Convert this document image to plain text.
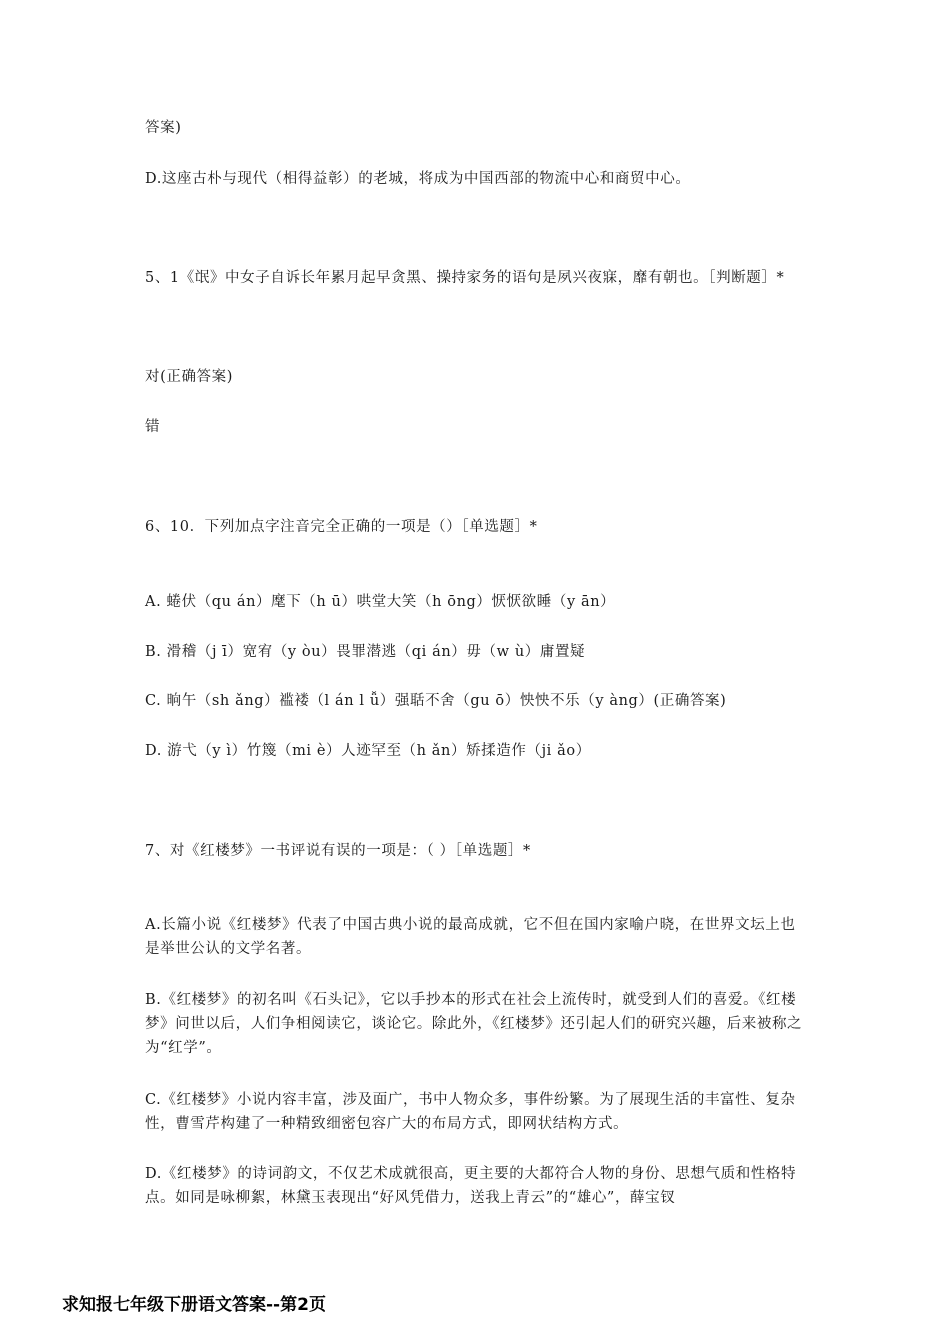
答案)

D.这座古朴与现代（相得益彰）的老城，将成为中国西部的物流中心和商贸中心。

5、1《氓》中女子自诉长年累月起早贪黑、操持家务的语句是夙兴夜寐，靡有朝也。［判断题］*

对(正确答案)

错

6、10．下列加点字注音完全正确的一项是（）［单选题］*

A. 蜷伏（qu án）麾下（h ū）哄堂大笑（h ōng）恹恹欲睡（y ān）

B. 滑稽（j ī）宽宥（y òu）畏罪潜逃（qi án）毋（w ù）庸置疑

C. 晌午（sh ǎng）褴褛（l án l ǚ）强聒不舍（gu ō）怏怏不乐（y àng）(正确答案)

D. 游弋（y ì）竹篾（mi è）人迹罕至（h ǎn）矫揉造作（ji ǎo）

7、对《红楼梦》一书评说有误的一项是：（ ）［单选题］*

A.长篇小说《红楼梦》代表了中国古典小说的最高成就，它不但在国内家喻户晓，在世界文坛上也是举世公认的文学名著。

B.《红楼梦》的初名叫《石头记》，它以手抄本的形式在社会上流传时，就受到人们的喜爱。《红楼梦》问世以后，人们争相阅读它，谈论它。除此外，《红楼梦》还引起人们的研究兴趣，后来被称之为“红学”。

C.《红楼梦》小说内容丰富，涉及面广，书中人物众多，事件纷繁。为了展现生活的丰富性、复杂性，曹雪芹构建了一种精致细密包容广大的布局方式，即网状结构方式。

D.《红楼梦》的诗词韵文，不仅艺术成就很高，更主要的大都符合人物的身份、思想气质和性格特点。如同是咏柳絮，林黛玉表现出“好风凭借力，送我上青云”的“雄心”，薛宝钗

求知报七年级下册语文答案--第2页
